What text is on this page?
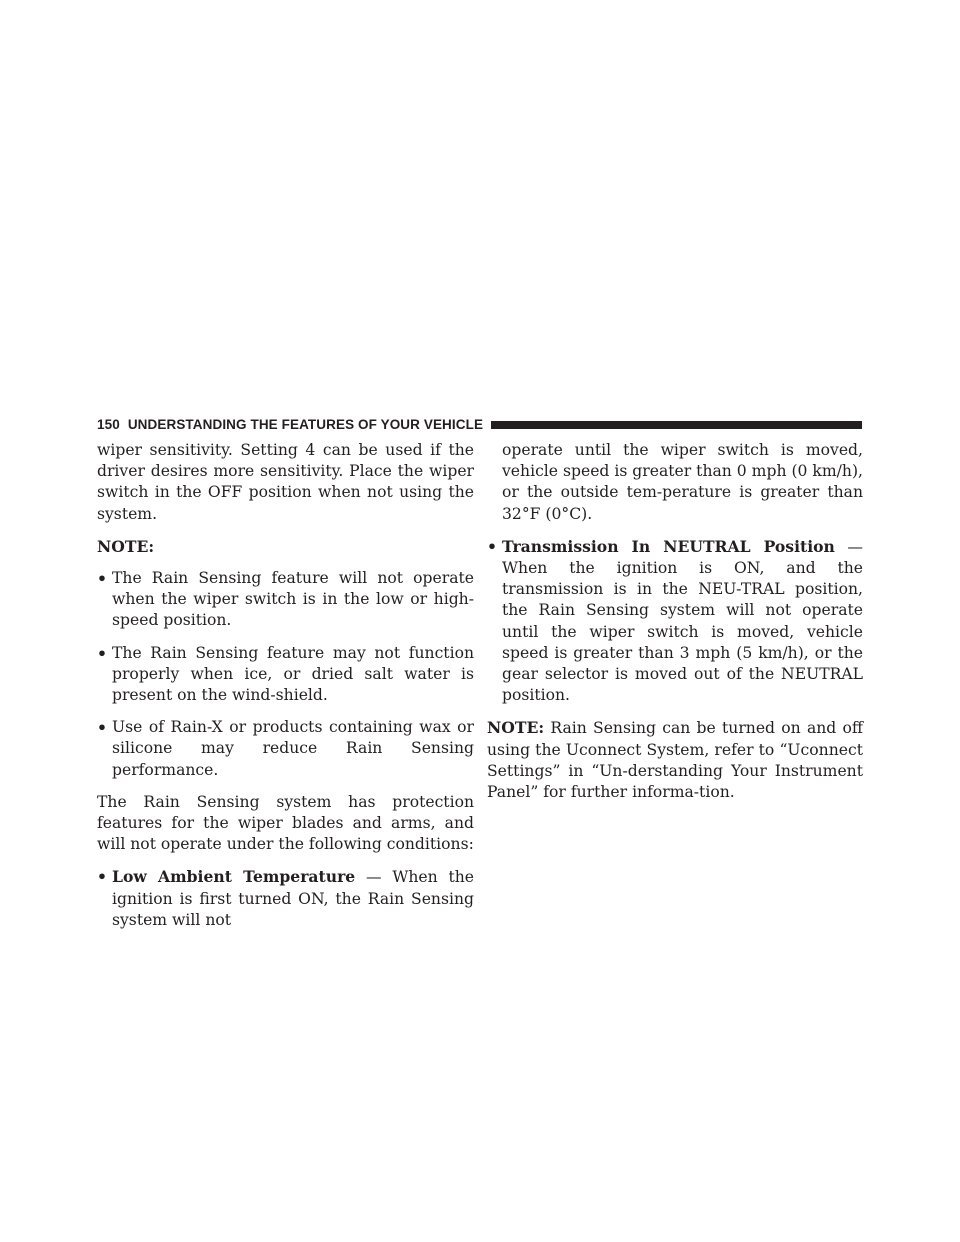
150 UNDERSTANDING THE FEATURES OF YOUR VEHICLE

wiper sensitivity. Setting 4 can be used if the driver desires more sensitivity. Place the wiper switch in the OFF position when not using the system.

NOTE:

• The Rain Sensing feature will not operate when the wiper switch is in the low or high-speed position.
• The Rain Sensing feature may not function properly when ice, or dried salt water is present on the wind-shield.
• Use of Rain-X or products containing wax or silicone may reduce Rain Sensing performance.

The Rain Sensing system has protection features for the wiper blades and arms, and will not operate under the following conditions:

• Low Ambient Temperature — When the ignition is first turned ON, the Rain Sensing system will not

operate until the wiper switch is moved, vehicle speed is greater than 0 mph (0 km/h), or the outside tem-perature is greater than 32°F (0°C).

• Transmission In NEUTRAL Position — When the ignition is ON, and the transmission is in the NEU-TRAL position, the Rain Sensing system will not operate until the wiper switch is moved, vehicle speed is greater than 3 mph (5 km/h), or the gear selector is moved out of the NEUTRAL position.

NOTE: Rain Sensing can be turned on and off using the Uconnect System, refer to “Uconnect Settings” in “Un-derstanding Your Instrument Panel” for further informa-tion.
